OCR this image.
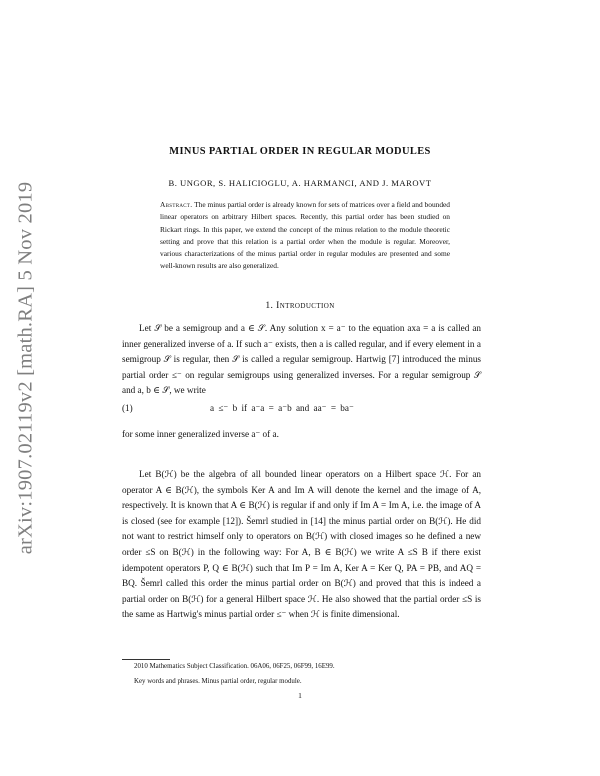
arXiv:1907.02119v2 [math.RA] 5 Nov 2019
MINUS PARTIAL ORDER IN REGULAR MODULES
B. UNGOR, S. HALICIOGLU, A. HARMANCI, AND J. MAROVT
Abstract. The minus partial order is already known for sets of matrices over a field and bounded linear operators on arbitrary Hilbert spaces. Recently, this partial order has been studied on Rickart rings. In this paper, we extend the concept of the minus relation to the module theoretic setting and prove that this relation is a partial order when the module is regular. Moreover, various characterizations of the minus partial order in regular modules are presented and some well-known results are also generalized.
1. Introduction

Let 𝒮 be a semigroup and a ∈ 𝒮. Any solution x = a⁻ to the equation axa = a is called an inner generalized inverse of a. If such a⁻ exists, then a is called regular, and if every element in a semigroup 𝒮 is regular, then 𝒮 is called a regular semigroup. Hartwig [7] introduced the minus partial order ≤⁻ on regular semigroups using generalized inverses. For a regular semigroup 𝒮 and a, b ∈ 𝒮, we write

(1)	a ≤⁻ b if a⁻a = a⁻b and aa⁻ = ba⁻

for some inner generalized inverse a⁻ of a.

Let B(ℋ) be the algebra of all bounded linear operators on a Hilbert space ℋ. For an operator A ∈ B(ℋ), the symbols Ker A and Im A will denote the kernel and the image of A, respectively. It is known that A ∈ B(ℋ) is regular if and only if Im A = Im A, i.e. the image of A is closed (see for example [12]). Šemrl studied in [14] the minus partial order on B(ℋ). He did not want to restrict himself only to operators on B(ℋ) with closed images so he defined a new order ≤S on B(ℋ) in the following way: For A, B ∈ B(ℋ) we write A ≤S B if there exist idempotent operators P, Q ∈ B(ℋ) such that Im P = Im A, Ker A = Ker Q, PA = PB, and AQ = BQ. Šemrl called this order the minus partial order on B(ℋ) and proved that this is indeed a partial order on B(ℋ) for a general Hilbert space ℋ. He also showed that the partial order ≤S is the same as Hartwig's minus partial order ≤⁻ when ℋ is finite dimensional.

2010 Mathematics Subject Classification. 06A06, 06F25, 06F99, 16E99.
Key words and phrases. Minus partial order, regular module.
1
